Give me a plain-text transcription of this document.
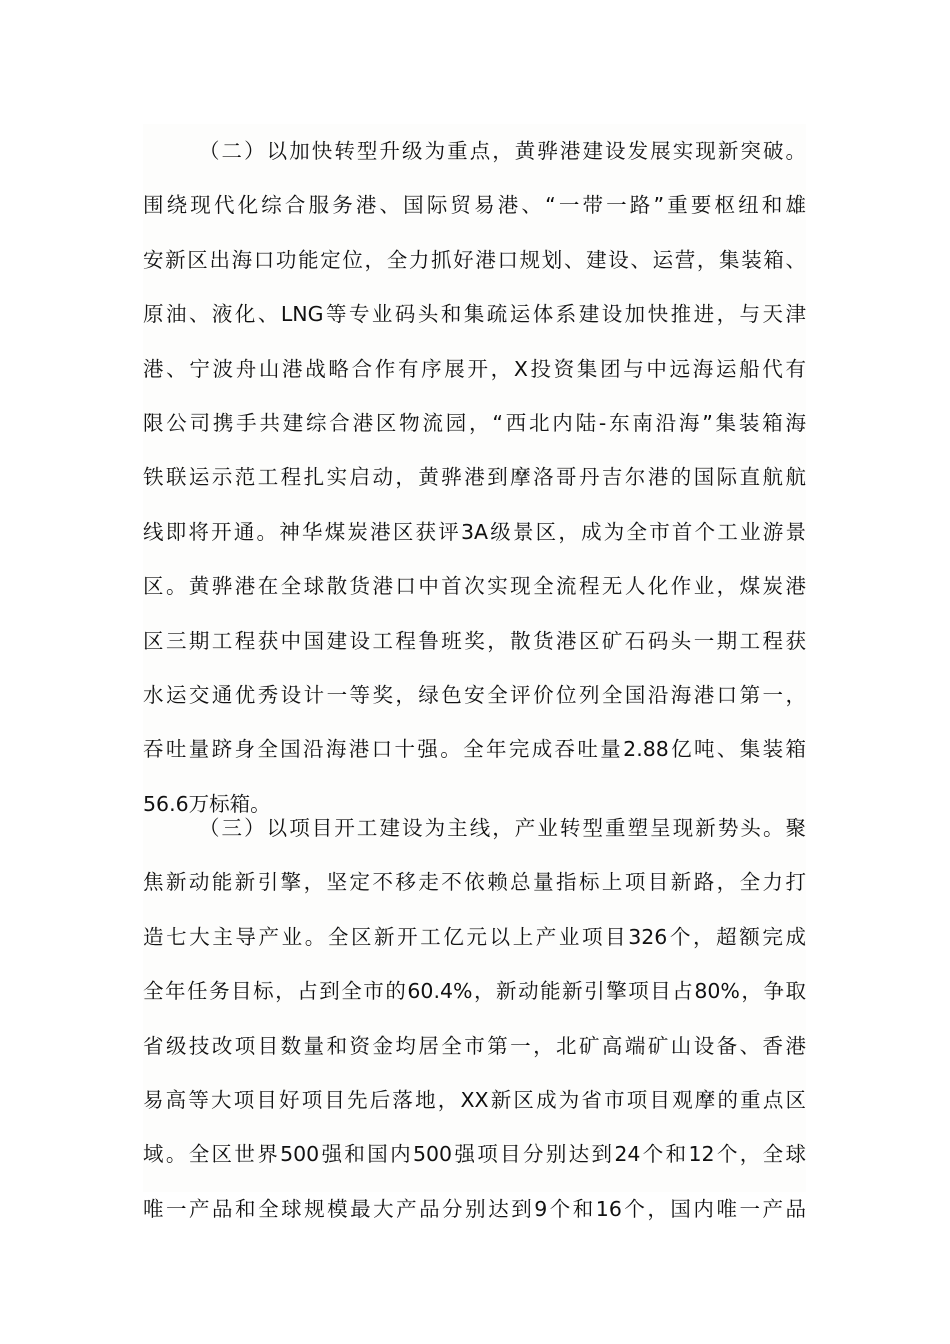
（二）以加快转型升级为重点，黄骅港建设发展实现新突破。
围绕现代化综合服务港、国际贸易港、“一带一路”重要枢纽和雄
安新区出海口功能定位，全力抓好港口规划、建设、运营，集装箱、
原油、液化、LNG等专业码头和集疏运体系建设加快推进，与天津
港、宁波舟山港战略合作有序展开，X投资集团与中远海运船代有
限公司携手共建综合港区物流园，“西北内陆-东南沿海”集装箱海
铁联运示范工程扎实启动，黄骅港到摩洛哥丹吉尔港的国际直航航
线即将开通。神华煤炭港区获评3A级景区，成为全市首个工业游景
区。黄骅港在全球散货港口中首次实现全流程无人化作业，煤炭港
区三期工程获中国建设工程鲁班奖，散货港区矿石码头一期工程获
水运交通优秀设计一等奖，绿色安全评价位列全国沿海港口第一，
吞吐量跻身全国沿海港口十强。全年完成吞吐量2.88亿吨、集装箱
56.6万标箱。
（三）以项目开工建设为主线，产业转型重塑呈现新势头。聚
焦新动能新引擎，坚定不移走不依赖总量指标上项目新路，全力打
造七大主导产业。全区新开工亿元以上产业项目326个，超额完成
全年任务目标，占到全市的60.4%，新动能新引擎项目占80%，争取
省级技改项目数量和资金均居全市第一，北矿高端矿山设备、香港
易高等大项目好项目先后落地，XX新区成为省市项目观摩的重点区
域。全区世界500强和国内500强项目分别达到24个和12个，全球
唯一产品和全球规模最大产品分别达到9个和16个，国内唯一产品
